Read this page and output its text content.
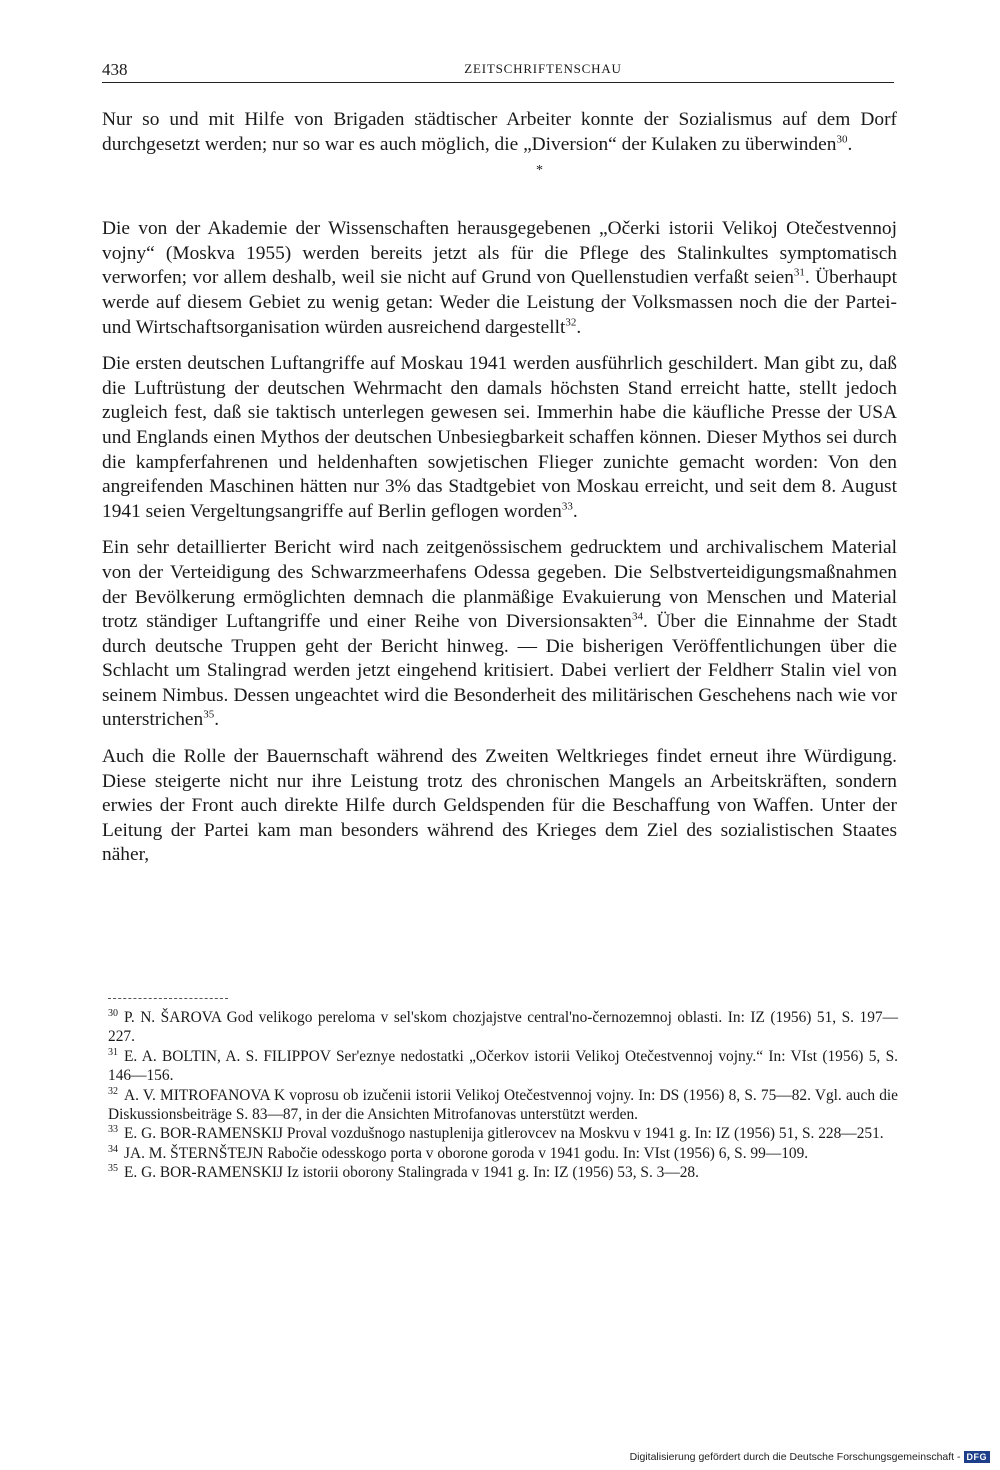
438	ZEITSCHRIFTENSCHAU

Nur so und mit Hilfe von Brigaden städtischer Arbeiter konnte der Sozialismus auf dem Dorf durchgesetzt werden; nur so war es auch möglich, die „Diversion“ der Kulaken zu überwinden$^{30}$.

*

Die von der Akademie der Wissenschaften herausgegebenen „Očerki istorii Velikoj Otečestvennoj vojny“ (Moskva 1955) werden bereits jetzt als für die Pflege des Stalinkultes symptomatisch verworfen; vor allem deshalb, weil sie nicht auf Grund von Quellenstudien verfaßt seien$^{31}$. Überhaupt werde auf diesem Gebiet zu wenig getan: Weder die Leistung der Volksmassen noch die der Partei- und Wirtschaftsorganisation würden ausreichend dargestellt$^{32}$.

Die ersten deutschen Luftangriffe auf Moskau 1941 werden ausführlich geschildert. Man gibt zu, daß die Luftrüstung der deutschen Wehrmacht den damals höchsten Stand erreicht hatte, stellt jedoch zugleich fest, daß sie taktisch unterlegen gewesen sei. Immerhin habe die käufliche Presse der USA und Englands einen Mythos der deutschen Unbesiegbarkeit schaffen können. Dieser Mythos sei durch die kampferfahrenen und heldenhaften sowjetischen Flieger zunichte gemacht worden: Von den angreifenden Maschinen hätten nur 3% das Stadtgebiet von Moskau erreicht, und seit dem 8. August 1941 seien Vergeltungsangriffe auf Berlin geflogen worden$^{33}$.

Ein sehr detaillierter Bericht wird nach zeitgenössischem gedrucktem und archivalischem Material von der Verteidigung des Schwarzmeerhafens Odessa gegeben. Die Selbstverteidigungsmaßnahmen der Bevölkerung ermöglichten demnach die planmäßige Evakuierung von Menschen und Material trotz ständiger Luftangriffe und einer Reihe von Diversionsakten$^{34}$. Über die Einnahme der Stadt durch deutsche Truppen geht der Bericht hinweg. — Die bisherigen Veröffentlichungen über die Schlacht um Stalingrad werden jetzt eingehend kritisiert. Dabei verliert der Feldherr Stalin viel von seinem Nimbus. Dessen ungeachtet wird die Besonderheit des militärischen Geschehens nach wie vor unterstrichen$^{35}$.

Auch die Rolle der Bauernschaft während des Zweiten Weltkrieges findet erneut ihre Würdigung. Diese steigerte nicht nur ihre Leistung trotz des chronischen Mangels an Arbeitskräften, sondern erwies der Front auch direkte Hilfe durch Geldspenden für die Beschaffung von Waffen. Unter der Leitung der Partei kam man besonders während des Krieges dem Ziel des sozialistischen Staates näher,

$^{30}$ P. N. ŠAROVA God velikogo pereloma v sel'skom chozjajstve central'no-černozemnoj oblasti. In: IZ (1956) 51, S. 197—227.

$^{31}$ E. A. BOLTIN, A. S. FILIPPOV Ser'eznye nedostatki „Očerkov istorii Velikoj Otečestvennoj vojny.“ In: VIst (1956) 5, S. 146—156.

$^{32}$ A. V. MITROFANOVA K voprosu ob izučenii istorii Velikoj Otečestvennoj vojny. In: DS (1956) 8, S. 75—82. Vgl. auch die Diskussionsbeiträge S. 83—87, in der die Ansichten Mitrofanovas unterstützt werden.

$^{33}$ E. G. BOR-RAMENSKIJ Proval vozdušnogo nastuplenija gitlerovcev na Moskvu v 1941 g. In: IZ (1956) 51, S. 228—251.

$^{34}$ JA. M. ŠTERNŠTEJN Rabočie odesskogo porta v oborone goroda v 1941 godu. In: VIst (1956) 6, S. 99—109.

$^{35}$ E. G. BOR-RAMENSKIJ Iz istorii oborony Stalingrada v 1941 g. In: IZ (1956) 53, S. 3—28.

Digitalisierung gefördert durch die Deutsche Forschungsgemeinschaft - DFG
